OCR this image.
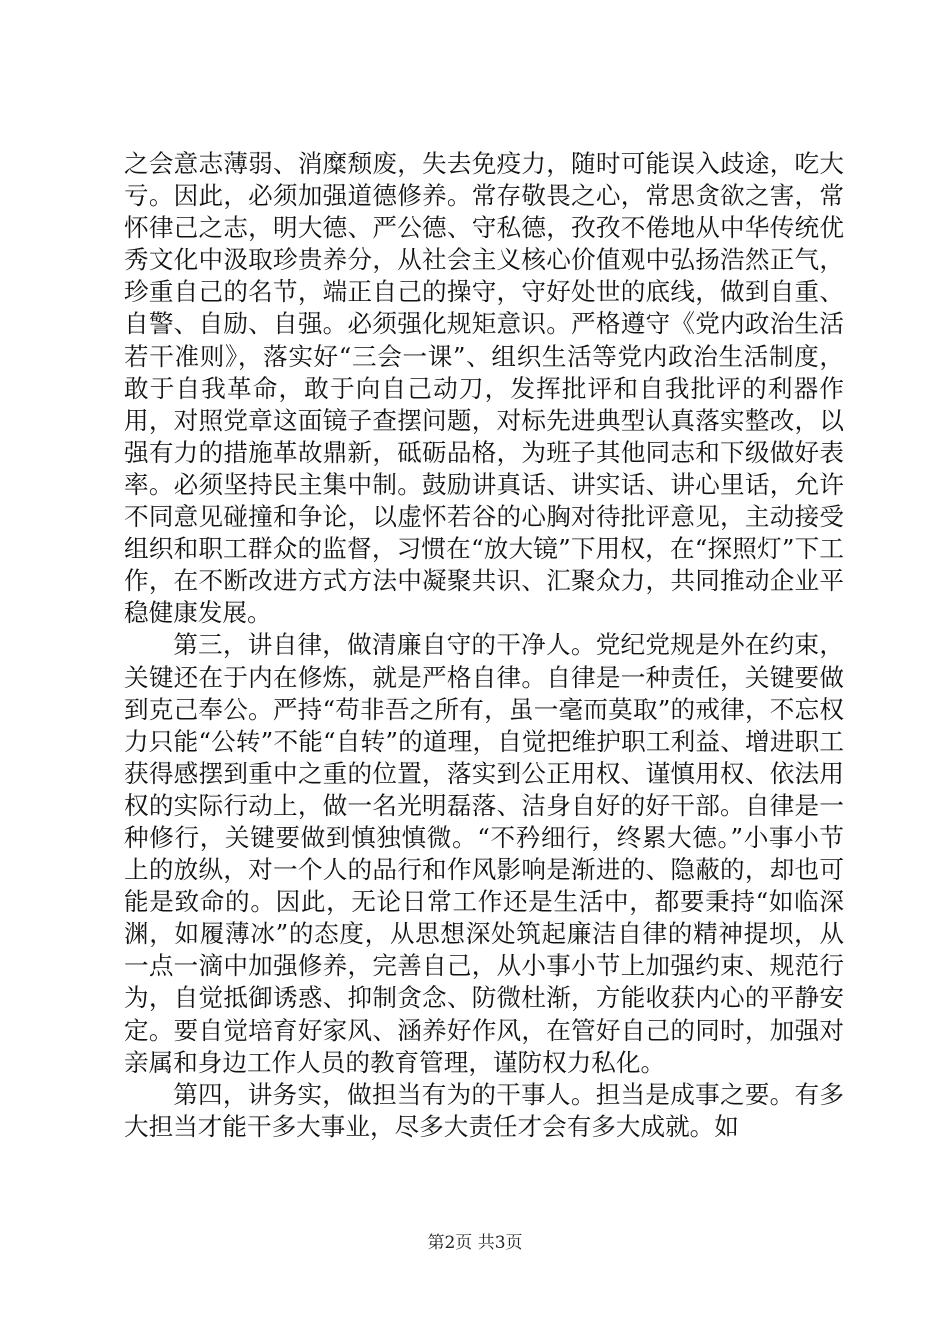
之会意志薄弱、消糜颓废，失去免疫力，随时可能误入歧途，吃大亏。因此，必须加强道德修养。常存敬畏之心，常思贪欲之害，常怀律己之志，明大德、严公德、守私德，孜孜不倦地从中华传统优秀文化中汲取珍贵养分，从社会主义核心价值观中弘扬浩然正气，珍重自己的名节，端正自己的操守，守好处世的底线，做到自重、自警、自励、自强。必须强化规矩意识。严格遵守《党内政治生活若干准则》，落实好“三会一课”、组织生活等党内政治生活制度，敢于自我革命，敢于向自己动刀，发挥批评和自我批评的利器作用，对照党章这面镜子查摆问题，对标先进典型认真落实整改，以强有力的措施革故鼎新，砥砺品格，为班子其他同志和下级做好表率。必须坚持民主集中制。鼓励讲真话、讲实话、讲心里话，允许不同意见碰撞和争论，以虚怀若谷的心胸对待批评意见，主动接受组织和职工群众的监督，习惯在“放大镜”下用权，在“探照灯”下工作，在不断改进方式方法中凝聚共识、汇聚众力，共同推动企业平稳健康发展。

第三，讲自律，做清廉自守的干净人。党纪党规是外在约束，关键还在于内在修炼，就是严格自律。自律是一种责任，关键要做到克己奉公。严持“苟非吾之所有，虽一毫而莫取”的戒律，不忘权力只能“公转”不能“自转”的道理，自觉把维护职工利益、增进职工获得感摆到重中之重的位置，落实到公正用权、谨慎用权、依法用权的实际行动上，做一名光明磊落、洁身自好的好干部。自律是一种修行，关键要做到慎独慎微。“不矜细行，终累大德。”小事小节上的放纵，对一个人的品行和作风影响是渐进的、隐蔽的，却也可能是致命的。因此，无论日常工作还是生活中，都要秉持“如临深渊，如履薄冰”的态度，从思想深处筑起廉洁自律的精神提坝，从一点一滴中加强修养，完善自己，从小事小节上加强约束、规范行为，自觉抵御诱惑、抑制贪念、防微杜渐，方能收获内心的平静安定。要自觉培育好家风、涵养好作风，在管好自己的同时，加强对亲属和身边工作人员的教育管理，谨防权力私化。

第四，讲务实，做担当有为的干事人。担当是成事之要。有多大担当才能干多大事业，尽多大责任才会有多大成就。如

第2页 共3页
